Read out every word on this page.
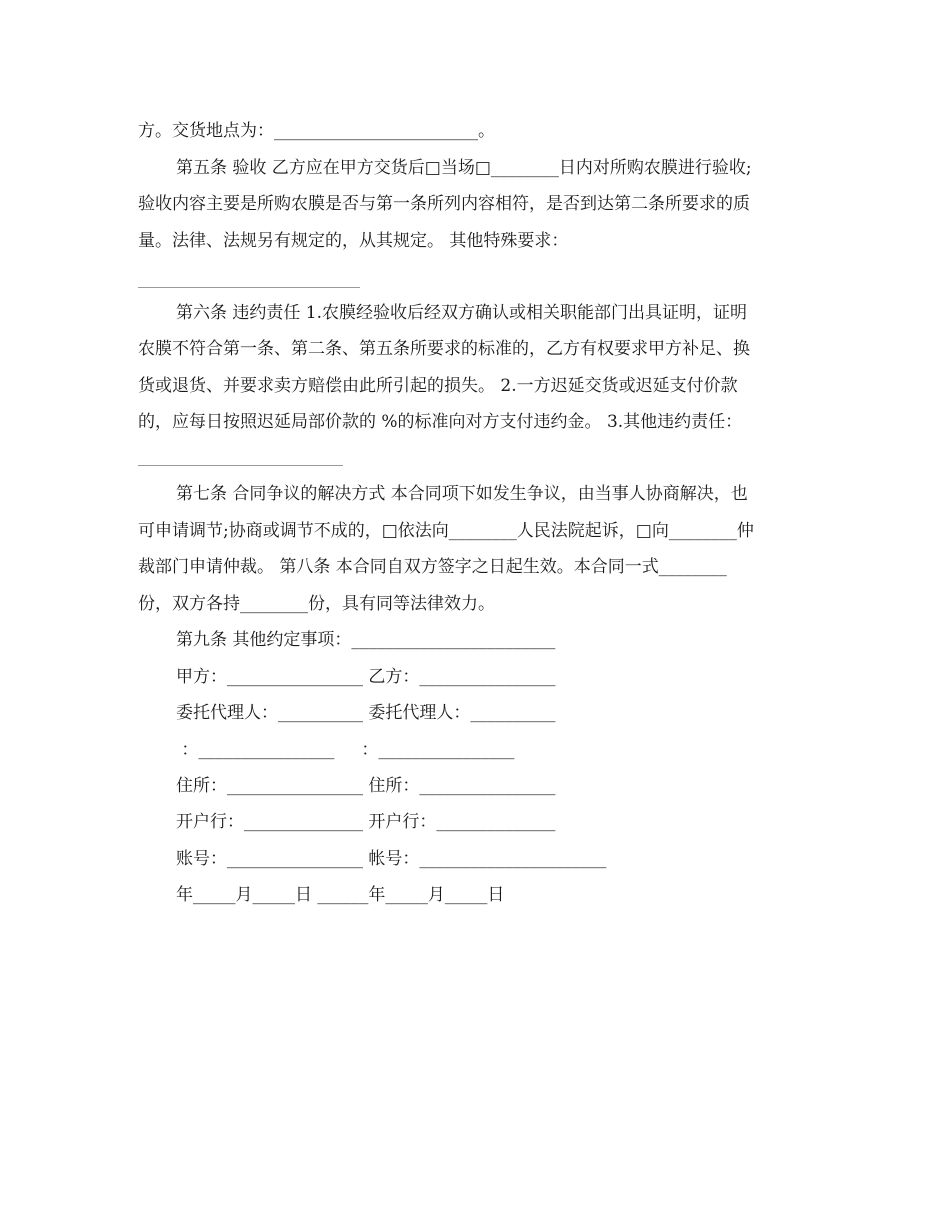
方。交货地点为：________________________。
第五条 验收 乙方应在甲方交货后□当场□________日内对所购农膜进行验收;
验收内容主要是所购农膜是否与第一条所列内容相符，是否到达第二条所要求的质
量。法律、法规另有规定的，从其规定。 其他特殊要求：
第六条 违约责任 1.农膜经验收后经双方确认或相关职能部门出具证明，证明
农膜不符合第一条、第二条、第五条所要求的标准的，乙方有权要求甲方补足、换
货或退货、并要求卖方赔偿由此所引起的损失。 2.一方迟延交货或迟延支付价款
的，应每日按照迟延局部价款的 %的标准向对方支付违约金。 3.其他违约责任：
第七条 合同争议的解决方式 本合同项下如发生争议，由当事人协商解决，也
可申请调节;协商或调节不成的，□依法向________人民法院起诉，□向________仲
裁部门申请仲裁。 第八条 本合同自双方签字之日起生效。本合同一式________
份，双方各持________份，具有同等法律效力。
第九条 其他约定事项：________________________
甲方：________________ 乙方：________________
委托代理人：__________ 委托代理人：__________
：________________     ：________________
住所：________________ 住所：________________
开户行：______________ 开户行：______________
账号：________________ 帐号：______________________
年_____月_____日 ______年_____月_____日
